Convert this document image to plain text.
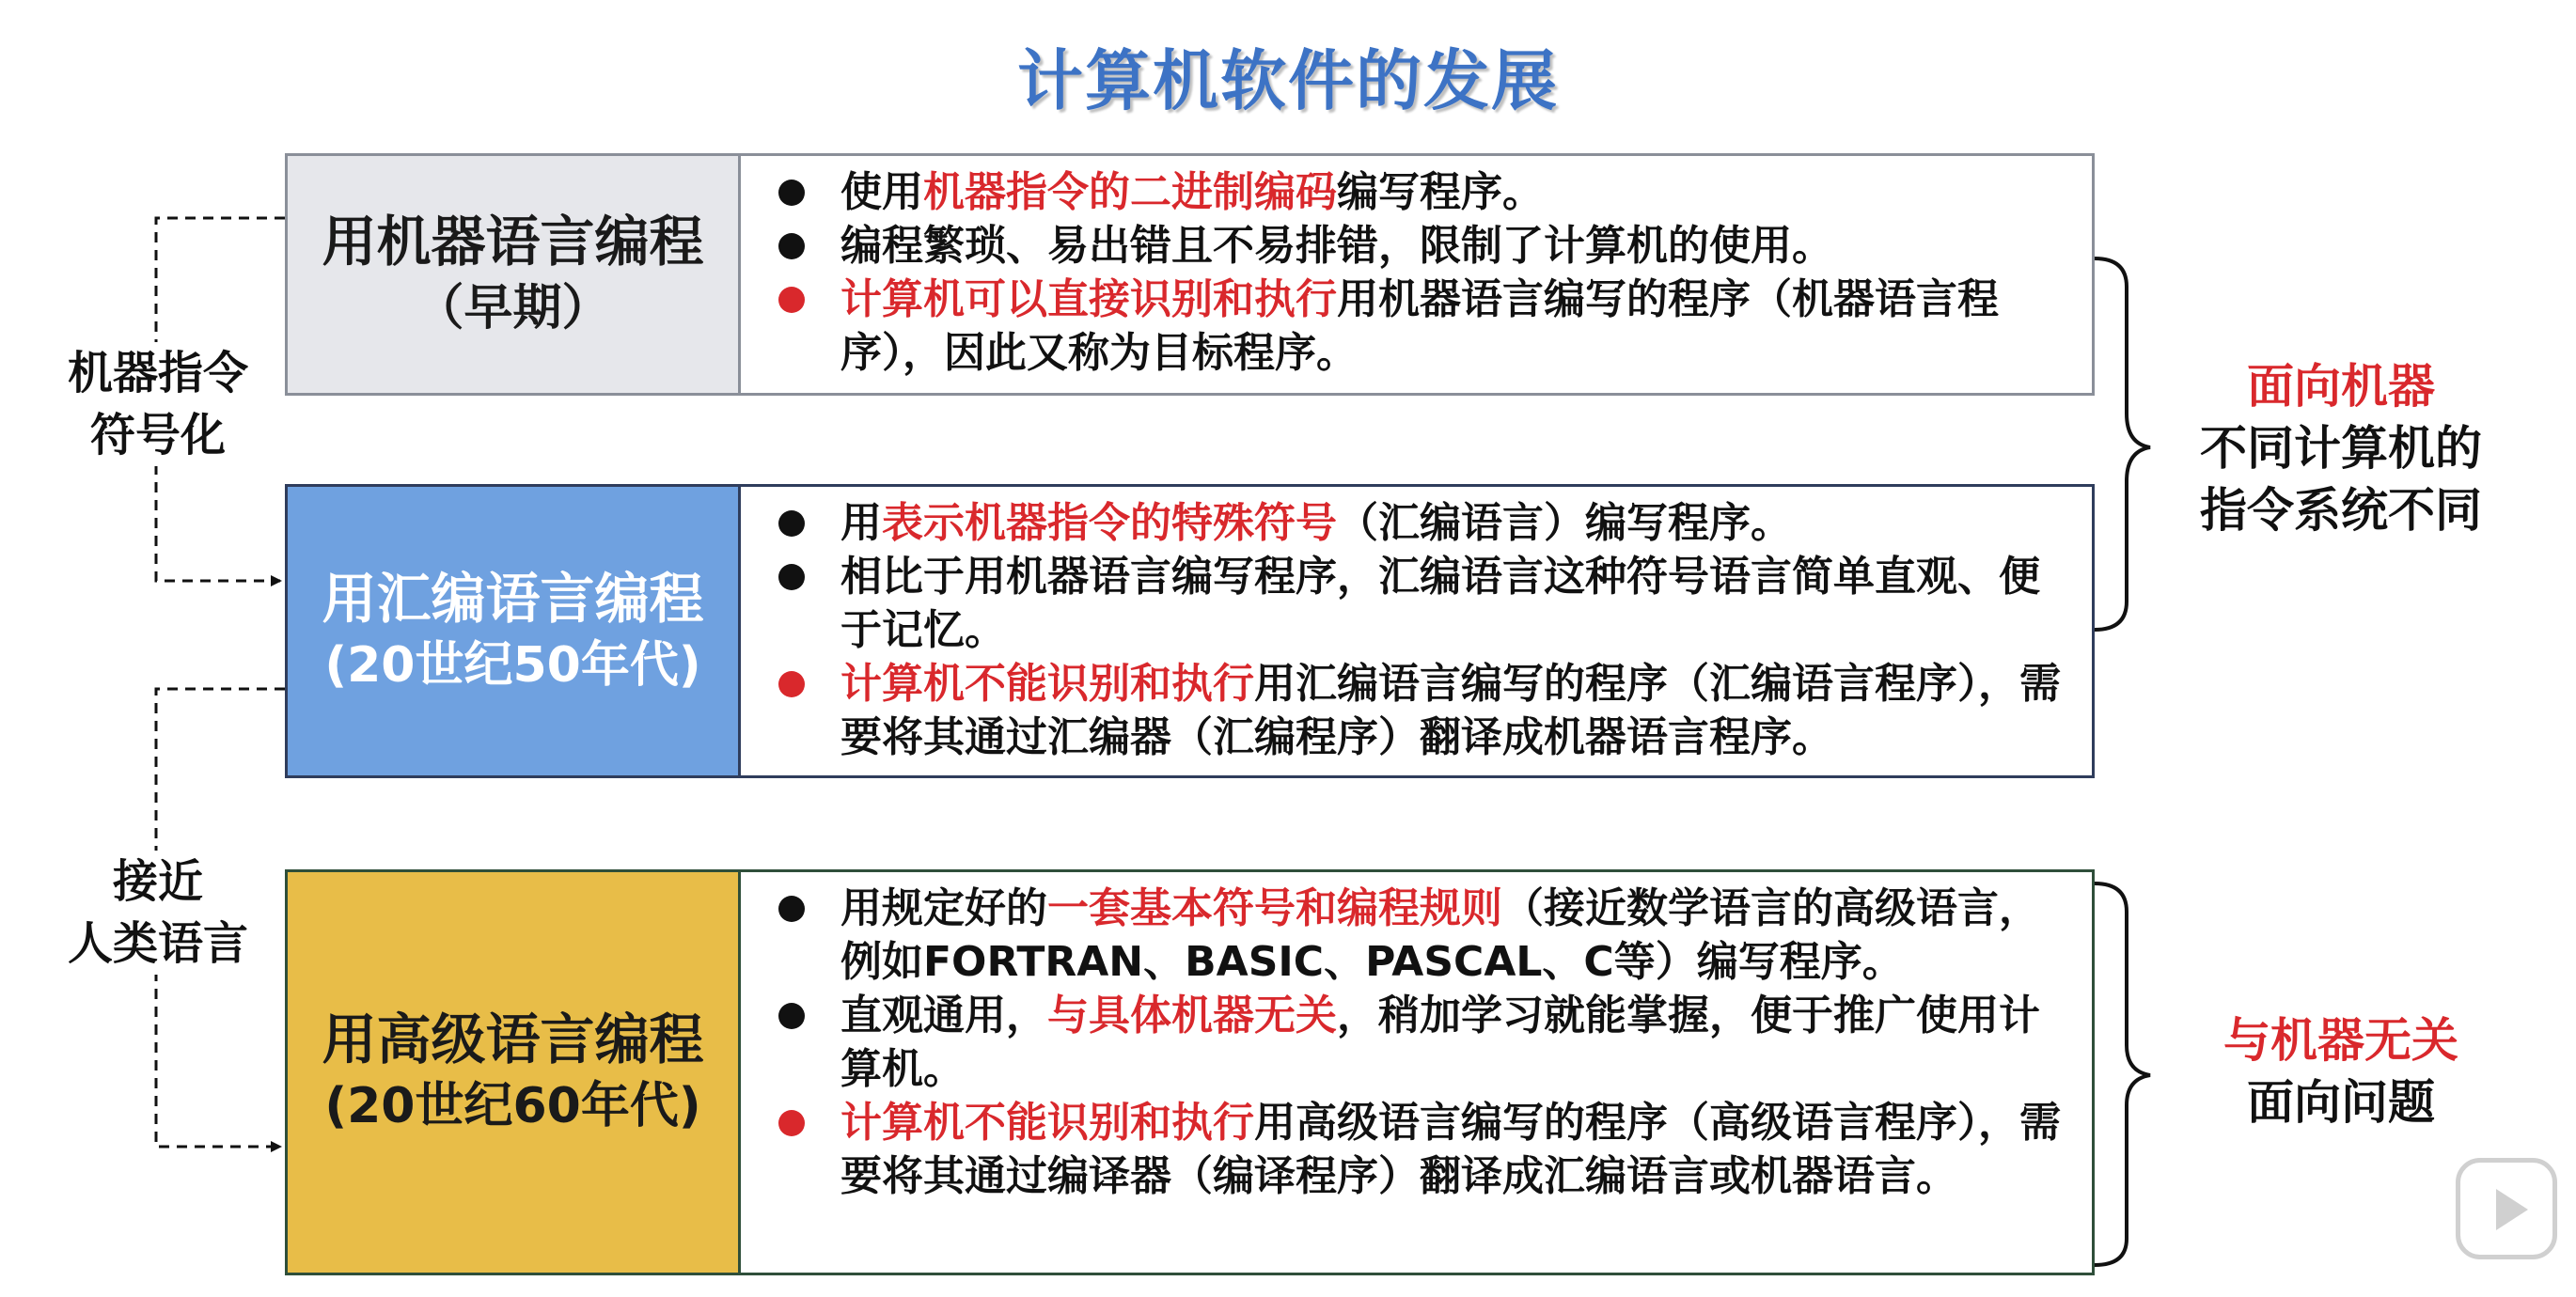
计算机软件的发展
用机器语言编程
（早期）
使用机器指令的二进制编码编写程序。
编程繁琐、易出错且不易排错，限制了计算机的使用。
计算机可以直接识别和执行用机器语言编写的程序（机器语言程序），因此又称为目标程序。
用汇编语言编程
(20世纪50年代)
用表示机器指令的特殊符号（汇编语言）编写程序。
相比于用机器语言编写程序，汇编语言这种符号语言简单直观、便于记忆。
计算机不能识别和执行用汇编语言编写的程序（汇编语言程序），需要将其通过汇编器（汇编程序）翻译成机器语言程序。
用高级语言编程
(20世纪60年代)
用规定好的一套基本符号和编程规则（接近数学语言的高级语言，例如FORTRAN、BASIC、PASCAL、C等）编写程序。
直观通用，与具体机器无关，稍加学习就能掌握，便于推广使用计算机。
计算机不能识别和执行用高级语言编写的程序（高级语言程序），需要将其通过编译器（编译程序）翻译成汇编语言或机器语言。
机器指令
符号化
接近
人类语言
面向机器
不同计算机的
指令系统不同
与机器无关
面向问题
